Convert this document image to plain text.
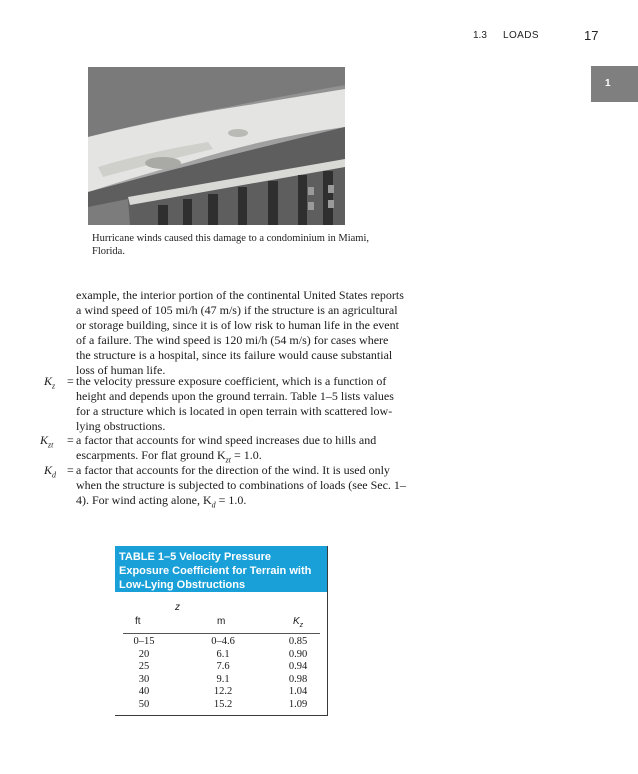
1.3 LOADS	17
1
Hurricane winds caused this damage to a condominium in Miami, Florida.
example, the interior portion of the continental United States reports a wind speed of 105 mi/h (47 m/s) if the structure is an agricultural or storage building, since it is of low risk to human life in the event of a failure. The wind speed is 120 mi/h (54 m/s) for cases where the structure is a hospital, since its failure would cause substantial loss of human life.
$K_z$ = the velocity pressure exposure coefficient, which is a function of height and depends upon the ground terrain. Table 1–5 lists values for a structure which is located in open terrain with scattered low-lying obstructions.
$K_{zt} = a$ factor that accounts for wind speed increases due to hills and escarpments. For flat ground $K_{zt} = 1.0$.
$K_d = a$ factor that accounts for the direction of the wind. It is used only when the structure is subjected to combinations of loads (see Sec. 1–4). For wind acting alone, $K_d = 1.0$.
TABLE 1–5 Velocity Pressure Exposure Coefficient for Terrain with Low-Lying Obstructions
z
ft	m	$K_z$
0–15	0–4.6	0.85
20	6.1	0.90
25	7.6	0.94
30	9.1	0.98
40	12.2	1.04
50	15.2	1.09
